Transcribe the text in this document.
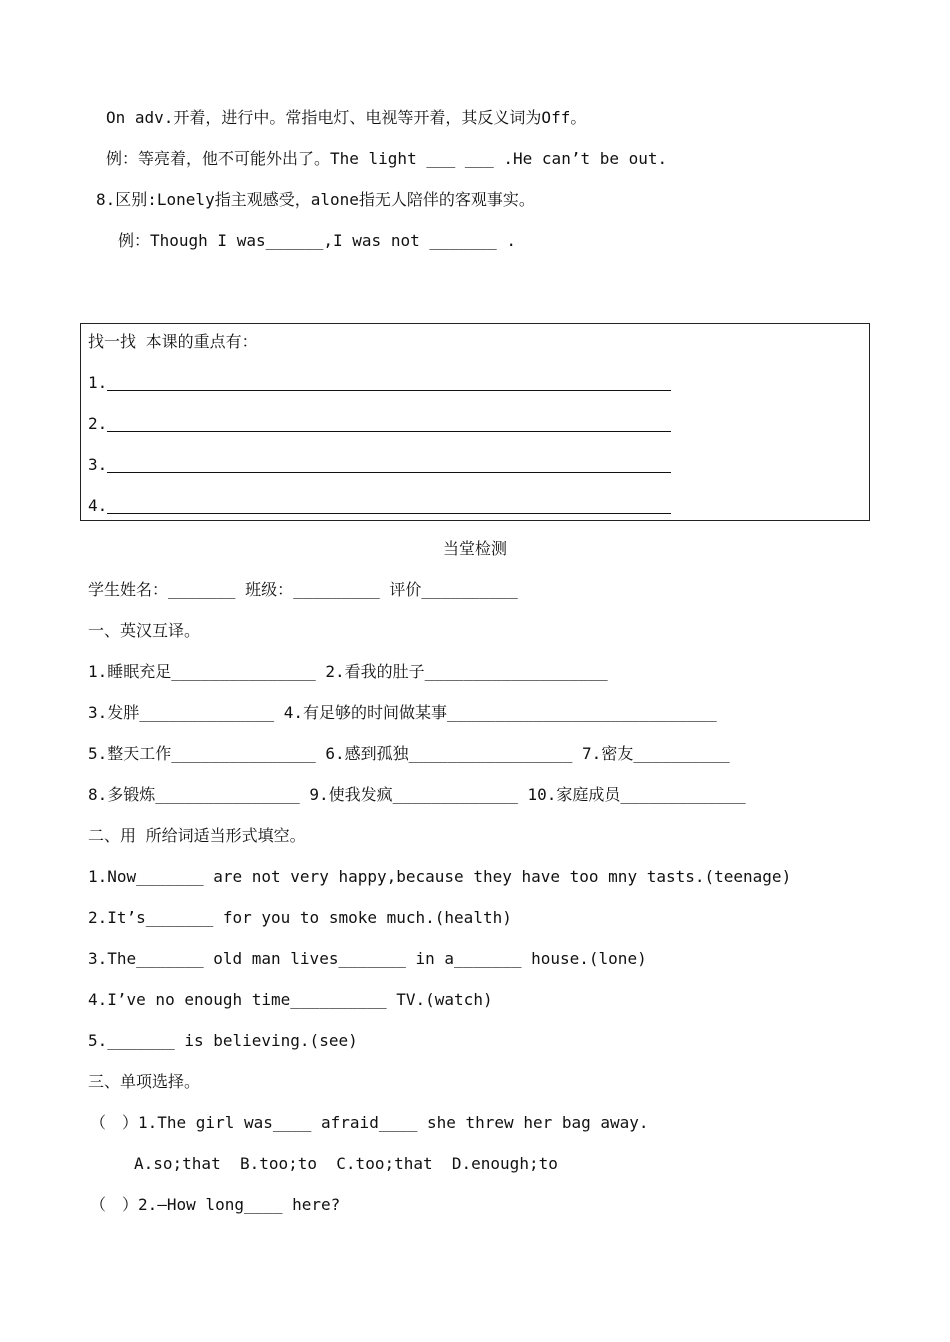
On adv.开着，进行中。常指电灯、电视等开着，其反义词为Off。
例：等亮着，他不可能外出了。The light ___ ___ .He can’t be out.
8.区别:Lonely指主观感受，alone指无人陪伴的客观事实。
例：Though I was______,I was not _______ .
找一找 本课的重点有：
1.
2.
3.
4.
当堂检测
学生姓名：_______ 班级：_________ 评价__________
一、英汉互译。
1.睡眠充足_______________ 2.看我的肚子___________________
3.发胖______________ 4.有足够的时间做某事____________________________
5.整天工作_______________ 6.感到孤独_________________ 7.密友__________
8.多锻炼_______________ 9.使我发疯_____________ 10.家庭成员_____________
二、用 所给词适当形式填空。
1.Now_______ are not very happy,because they have too mny tasts.(teenage)
2.It’s_______ for you to smoke much.(health)
3.The_______ old man lives_______ in a_______ house.(lone)
4.I’ve no enough time__________ TV.(watch)
5._______ is believing.(see)
三、单项选择。
（　）1.The girl was____ afraid____ she threw her bag away.
A.so;that  B.too;to  C.too;that  D.enough;to
（　）2.—How long____ here?
